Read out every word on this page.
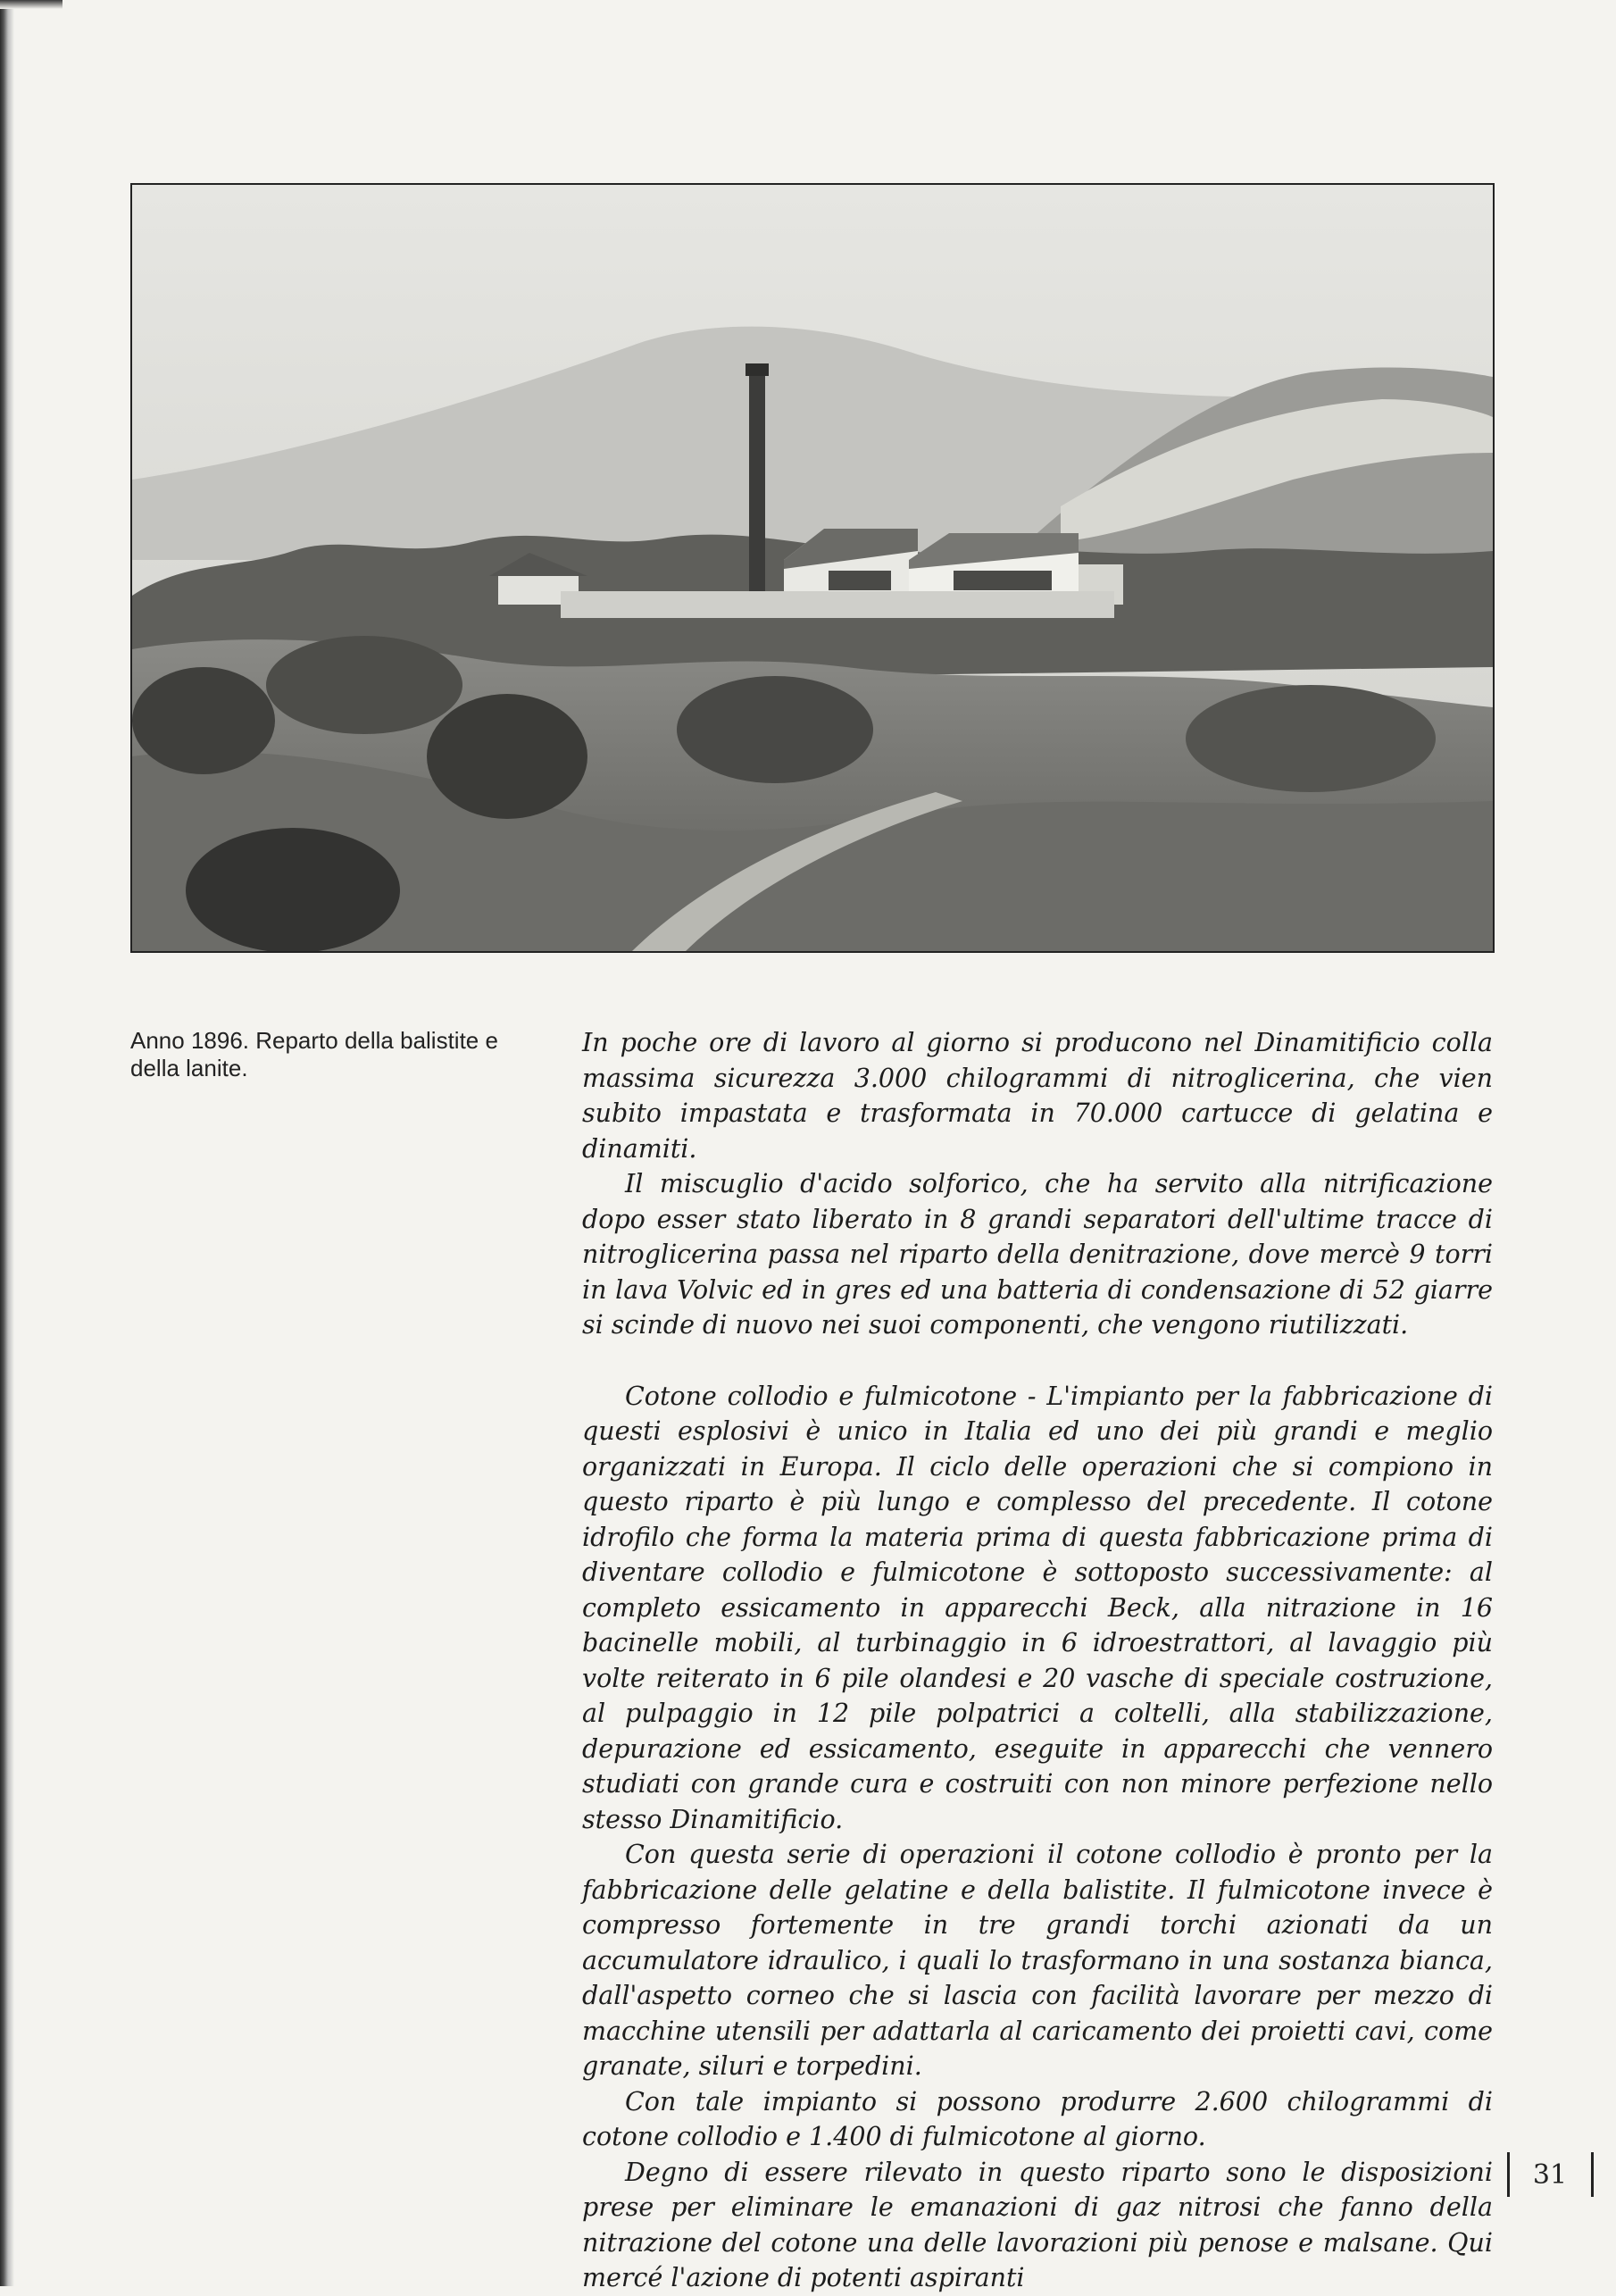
Anno 1896. Reparto della balistite e della lanite.

In poche ore di lavoro al giorno si producono nel Dinamitificio colla massima sicurezza 3.000 chilogrammi di nitroglicerina, che vien subito impastata e trasformata in 70.000 cartucce di gelatina e dinamiti.

Il miscuglio d'acido solforico, che ha servito alla nitrificazione dopo esser stato liberato in 8 grandi separatori dell'ultime tracce di nitroglicerina passa nel riparto della denitrazione, dove mercè 9 torri in lava Volvic ed in gres ed una batteria di condensazione di 52 giarre si scinde di nuovo nei suoi componenti, che vengono riutilizzati.

Cotone collodio e fulmicotone - L'impianto per la fabbricazione di questi esplosivi è unico in Italia ed uno dei più grandi e meglio organizzati in Europa. Il ciclo delle operazioni che si compiono in questo riparto è più lungo e complesso del precedente. Il cotone idrofilo che forma la materia prima di questa fabbricazione prima di diventare collodio e fulmicotone è sottoposto successivamente: al completo essicamento in apparecchi Beck, alla nitrazione in 16 bacinelle mobili, al turbinaggio in 6 idroestrattori, al lavaggio più volte reiterato in 6 pile olandesi e 20 vasche di speciale costruzione, al pulpaggio in 12 pile polpatrici a coltelli, alla stabilizzazione, depurazione ed essicamento, eseguite in apparecchi che vennero studiati con grande cura e costruiti con non minore perfezione nello stesso Dinamitificio.

Con questa serie di operazioni il cotone collodio è pronto per la fabbricazione delle gelatine e della balistite. Il fulmicotone invece è compresso fortemente in tre grandi torchi azionati da un accumulatore idraulico, i quali lo trasformano in una sostanza bianca, dall'aspetto corneo che si lascia con facilità lavorare per mezzo di macchine utensili per adattarla al caricamento dei proietti cavi, come granate, siluri e torpedini.

Con tale impianto si possono produrre 2.600 chilogrammi di cotone collodio e 1.400 di fulmicotone al giorno.

Degno di essere rilevato in questo riparto sono le disposizioni prese per eliminare le emanazioni di gaz nitrosi che fanno della nitrazione del cotone una delle lavorazioni più penose e malsane. Qui mercé l'azione di potenti aspiranti

31
